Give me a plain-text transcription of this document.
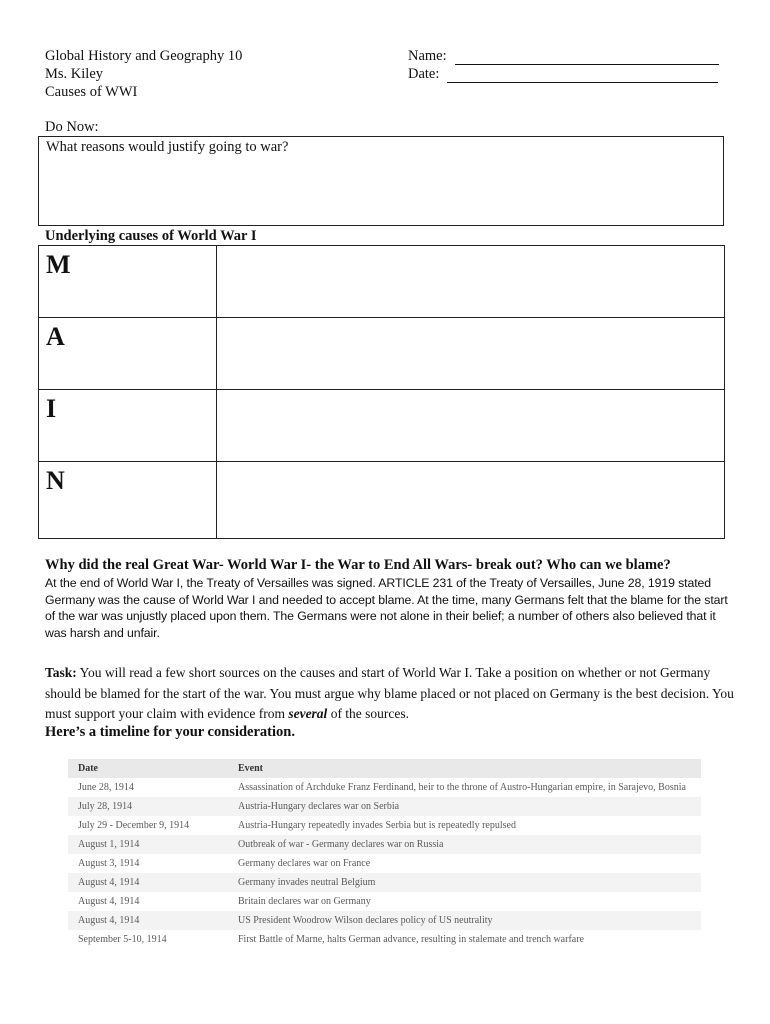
Global History and Geography 10
Ms. Kiley
Causes of WWI
Name:
Date:
Do Now:
What reasons would justify going to war?
Underlying causes of World War I
M	
A	
I	
N	
Why did the real Great War- World War I- the War to End All Wars- break out? Who can we blame?
At the end of World War I, the Treaty of Versailles was signed. ARTICLE 231 of the Treaty of Versailles, June 28, 1919 stated Germany was the cause of World War I and needed to accept blame. At the time, many Germans felt that the blame for the start of the war was unjustly placed upon them. The Germans were not alone in their belief; a number of others also believed that it was harsh and unfair.
Task: You will read a few short sources on the causes and start of World War I. Take a position on whether or not Germany should be blamed for the start of the war. You must argue why blame placed or not placed on Germany is the best decision. You must support your claim with evidence from several of the sources.
Here’s a timeline for your consideration.
Date	Event
June 28, 1914	Assassination of Archduke Franz Ferdinand, heir to the throne of Austro-Hungarian empire, in Sarajevo, Bosnia
July 28, 1914	Austria-Hungary declares war on Serbia
July 29 - December 9, 1914	Austria-Hungary repeatedly invades Serbia but is repeatedly repulsed
August 1, 1914	Outbreak of war - Germany declares war on Russia
August 3, 1914	Germany declares war on France
August 4, 1914	Germany invades neutral Belgium
August 4, 1914	Britain declares war on Germany
August 4, 1914	US President Woodrow Wilson declares policy of US neutrality
September 5-10, 1914	First Battle of Marne, halts German advance, resulting in stalemate and trench warfare
